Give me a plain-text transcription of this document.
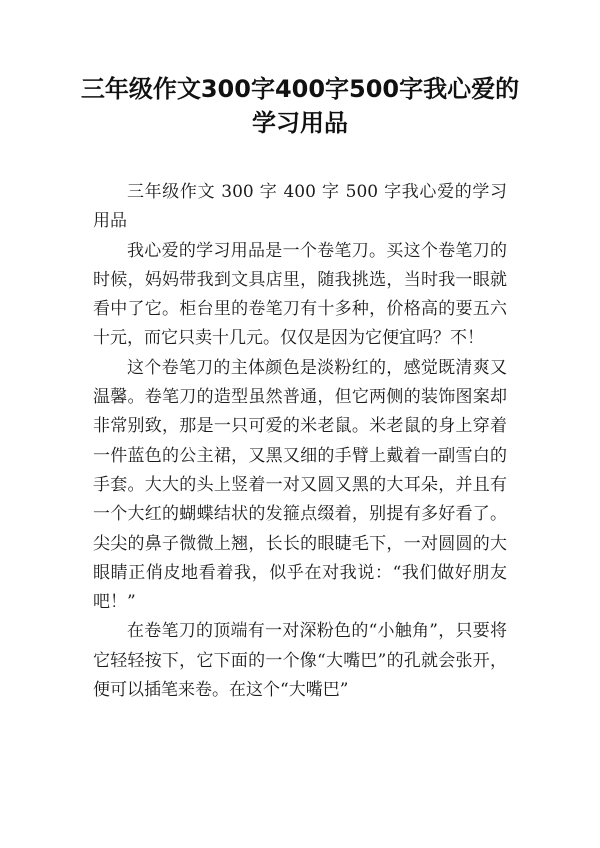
三年级作文300字400字500字我心爱的学习用品

三年级作文 300 字 400 字 500 字我心爱的学习用品

我心爱的学习用品是一个卷笔刀。买这个卷笔刀的时候，妈妈带我到文具店里，随我挑选，当时我一眼就看中了它。柜台里的卷笔刀有十多种，价格高的要五六十元，而它只卖十几元。仅仅是因为它便宜吗？不！

这个卷笔刀的主体颜色是淡粉红的，感觉既清爽又温馨。卷笔刀的造型虽然普通，但它两侧的装饰图案却非常别致，那是一只可爱的米老鼠。米老鼠的身上穿着一件蓝色的公主裙，又黑又细的手臂上戴着一副雪白的手套。大大的头上竖着一对又圆又黑的大耳朵，并且有一个大红的蝴蝶结状的发箍点缀着，别提有多好看了。尖尖的鼻子微微上翘，长长的眼睫毛下，一对圆圆的大眼睛正俏皮地看着我，似乎在对我说：“我们做好朋友吧！”

在卷笔刀的顶端有一对深粉色的“小触角”，只要将它轻轻按下，它下面的一个像“大嘴巴”的孔就会张开，便可以插笔来卷。在这个“大嘴巴”
